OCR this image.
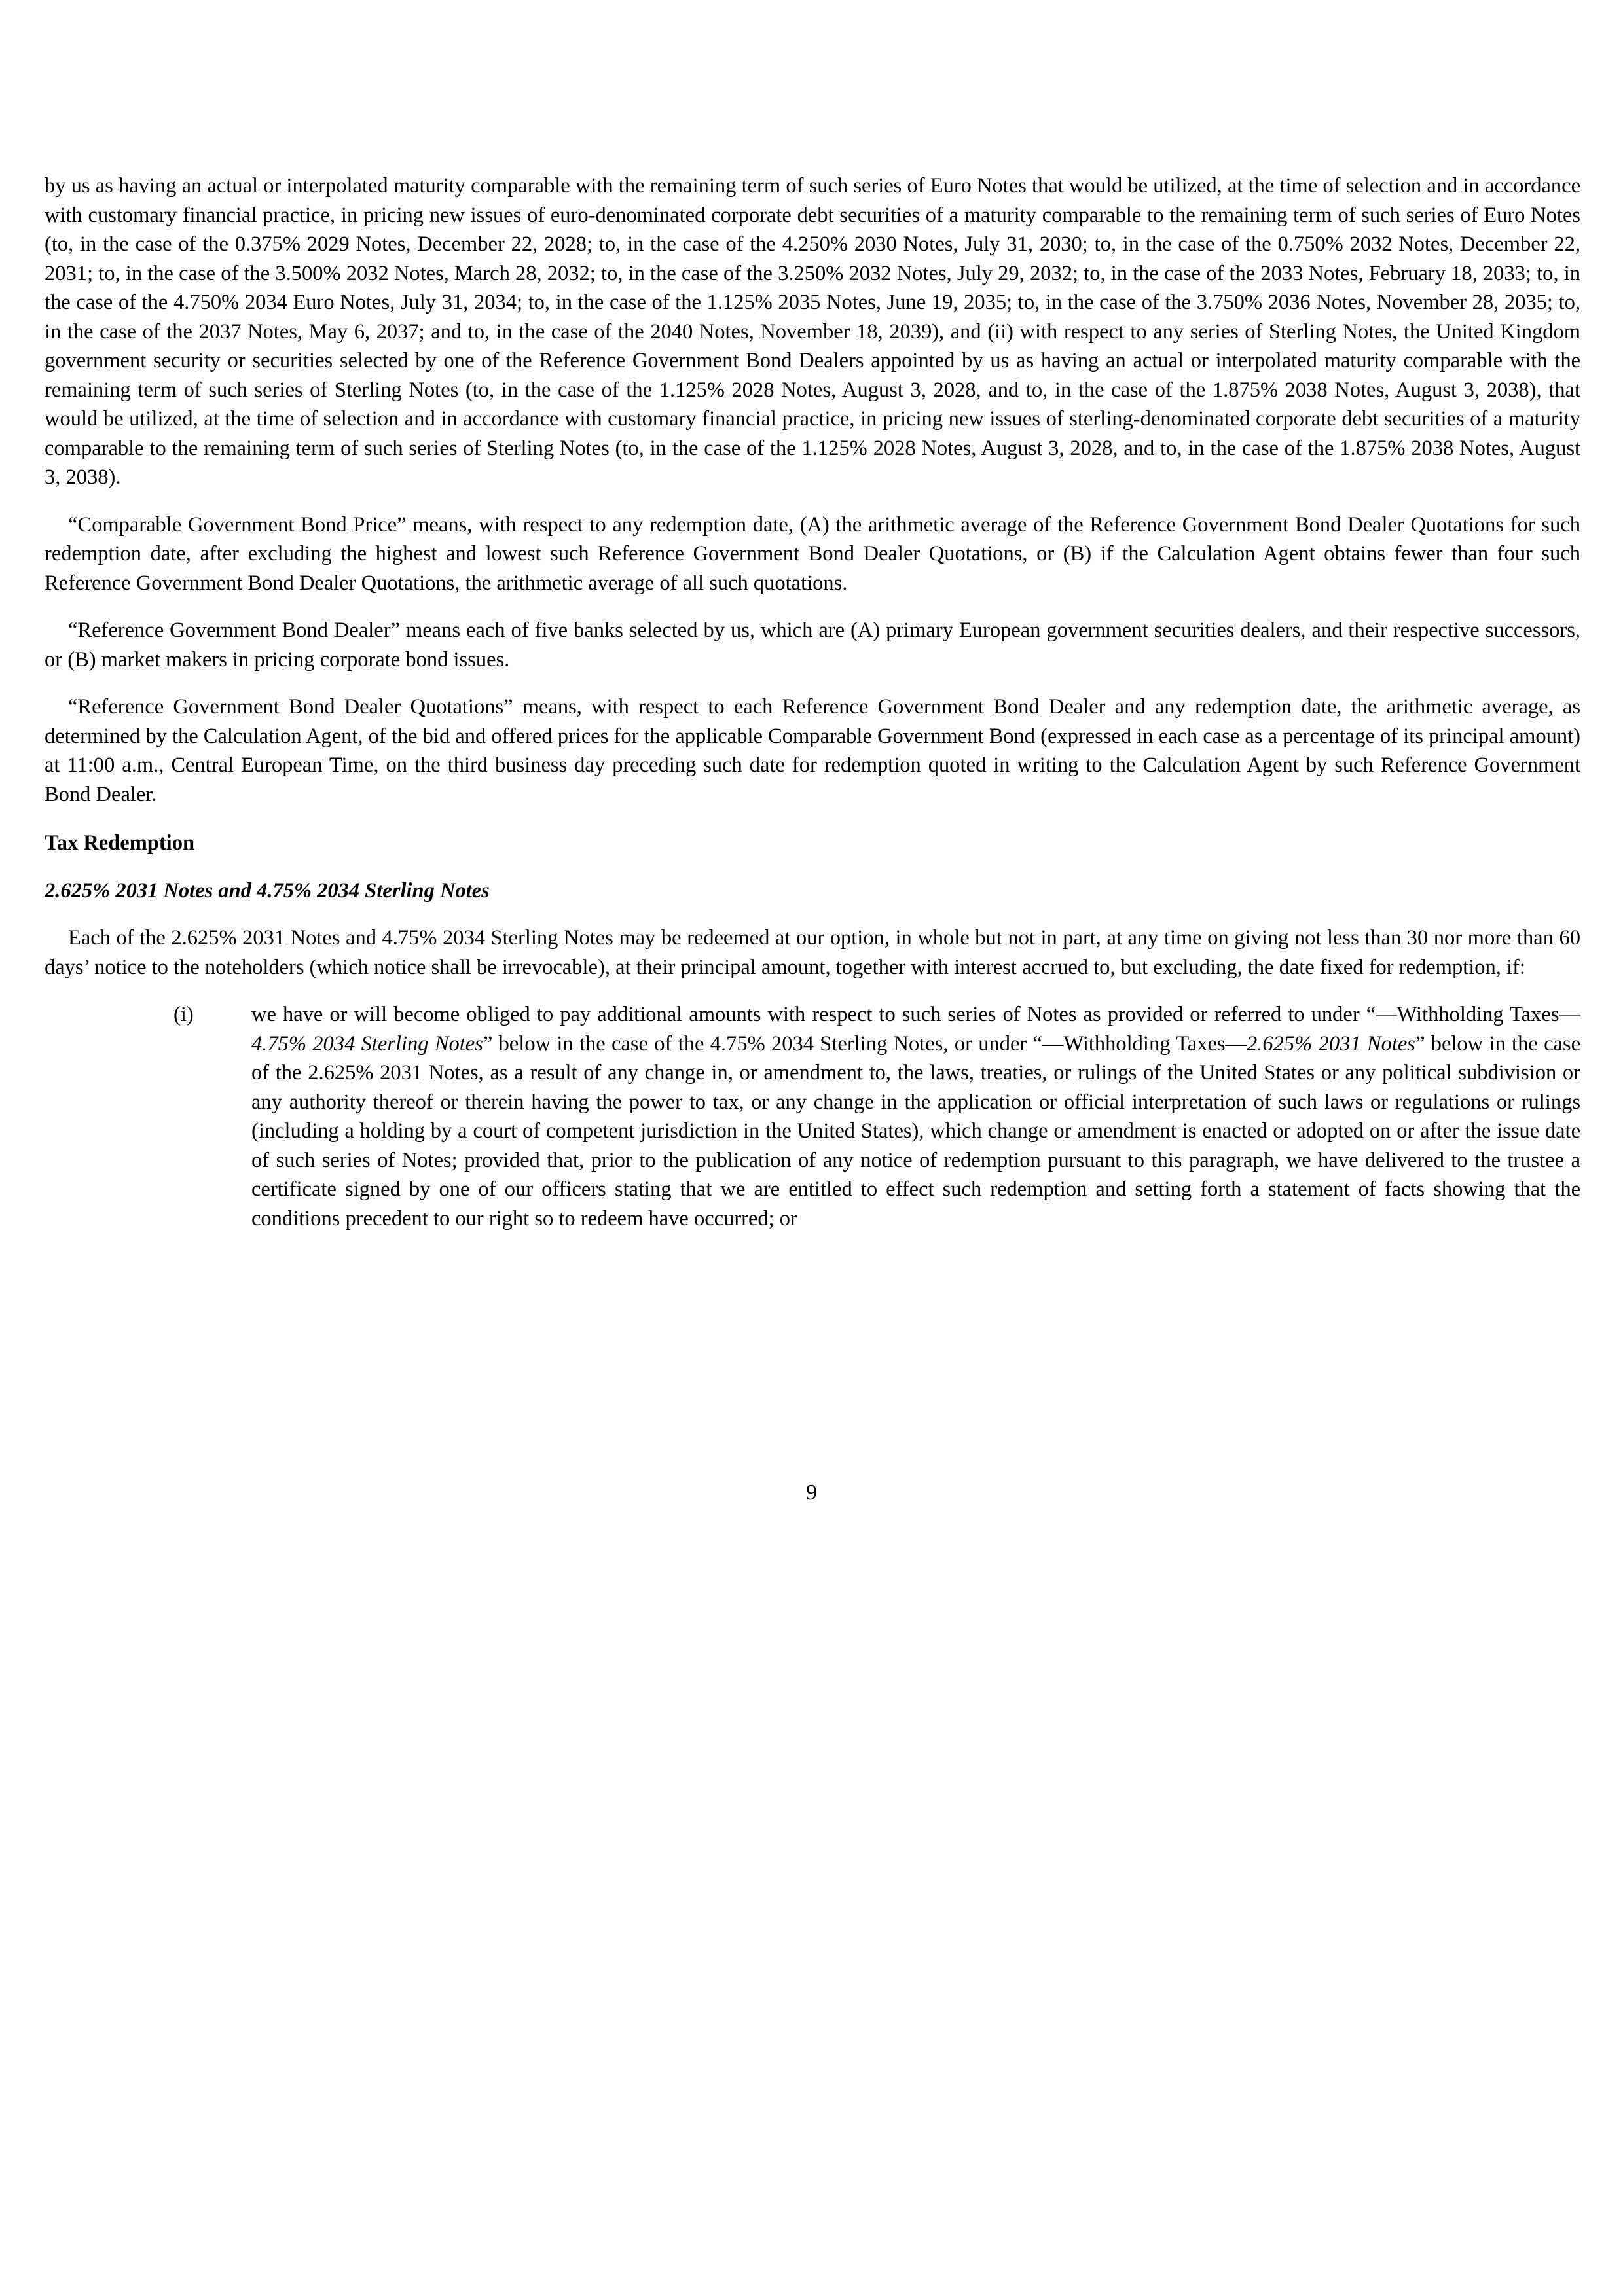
by us as having an actual or interpolated maturity comparable with the remaining term of such series of Euro Notes that would be utilized, at the time of selection and in accordance with customary financial practice, in pricing new issues of euro-denominated corporate debt securities of a maturity comparable to the remaining term of such series of Euro Notes (to, in the case of the 0.375% 2029 Notes, December 22, 2028; to, in the case of the 4.250% 2030 Notes, July 31, 2030; to, in the case of the 0.750% 2032 Notes, December 22, 2031; to, in the case of the 3.500% 2032 Notes, March 28, 2032; to, in the case of the 3.250% 2032 Notes, July 29, 2032; to, in the case of the 2033 Notes, February 18, 2033; to, in the case of the 4.750% 2034 Euro Notes, July 31, 2034; to, in the case of the 1.125% 2035 Notes, June 19, 2035; to, in the case of the 3.750% 2036 Notes, November 28, 2035; to, in the case of the 2037 Notes, May 6, 2037; and to, in the case of the 2040 Notes, November 18, 2039), and (ii) with respect to any series of Sterling Notes, the United Kingdom government security or securities selected by one of the Reference Government Bond Dealers appointed by us as having an actual or interpolated maturity comparable with the remaining term of such series of Sterling Notes (to, in the case of the 1.125% 2028 Notes, August 3, 2028, and to, in the case of the 1.875% 2038 Notes, August 3, 2038), that would be utilized, at the time of selection and in accordance with customary financial practice, in pricing new issues of sterling-denominated corporate debt securities of a maturity comparable to the remaining term of such series of Sterling Notes (to, in the case of the 1.125% 2028 Notes, August 3, 2028, and to, in the case of the 1.875% 2038 Notes, August 3, 2038).

“Comparable Government Bond Price” means, with respect to any redemption date, (A) the arithmetic average of the Reference Government Bond Dealer Quotations for such redemption date, after excluding the highest and lowest such Reference Government Bond Dealer Quotations, or (B) if the Calculation Agent obtains fewer than four such Reference Government Bond Dealer Quotations, the arithmetic average of all such quotations.

“Reference Government Bond Dealer” means each of five banks selected by us, which are (A) primary European government securities dealers, and their respective successors, or (B) market makers in pricing corporate bond issues.

“Reference Government Bond Dealer Quotations” means, with respect to each Reference Government Bond Dealer and any redemption date, the arithmetic average, as determined by the Calculation Agent, of the bid and offered prices for the applicable Comparable Government Bond (expressed in each case as a percentage of its principal amount) at 11:00 a.m., Central European Time, on the third business day preceding such date for redemption quoted in writing to the Calculation Agent by such Reference Government Bond Dealer.

Tax Redemption

2.625% 2031 Notes and 4.75% 2034 Sterling Notes

Each of the 2.625% 2031 Notes and 4.75% 2034 Sterling Notes may be redeemed at our option, in whole but not in part, at any time on giving not less than 30 nor more than 60 days’ notice to the noteholders (which notice shall be irrevocable), at their principal amount, together with interest accrued to, but excluding, the date fixed for redemption, if:

(i)	we have or will become obliged to pay additional amounts with respect to such series of Notes as provided or referred to under “—Withholding Taxes—4.75% 2034 Sterling Notes” below in the case of the 4.75% 2034 Sterling Notes, or under “—Withholding Taxes—2.625% 2031 Notes” below in the case of the 2.625% 2031 Notes, as a result of any change in, or amendment to, the laws, treaties, or rulings of the United States or any political subdivision or any authority thereof or therein having the power to tax, or any change in the application or official interpretation of such laws or regulations or rulings (including a holding by a court of competent jurisdiction in the United States), which change or amendment is enacted or adopted on or after the issue date of such series of Notes; provided that, prior to the publication of any notice of redemption pursuant to this paragraph, we have delivered to the trustee a certificate signed by one of our officers stating that we are entitled to effect such redemption and setting forth a statement of facts showing that the conditions precedent to our right so to redeem have occurred; or

9
